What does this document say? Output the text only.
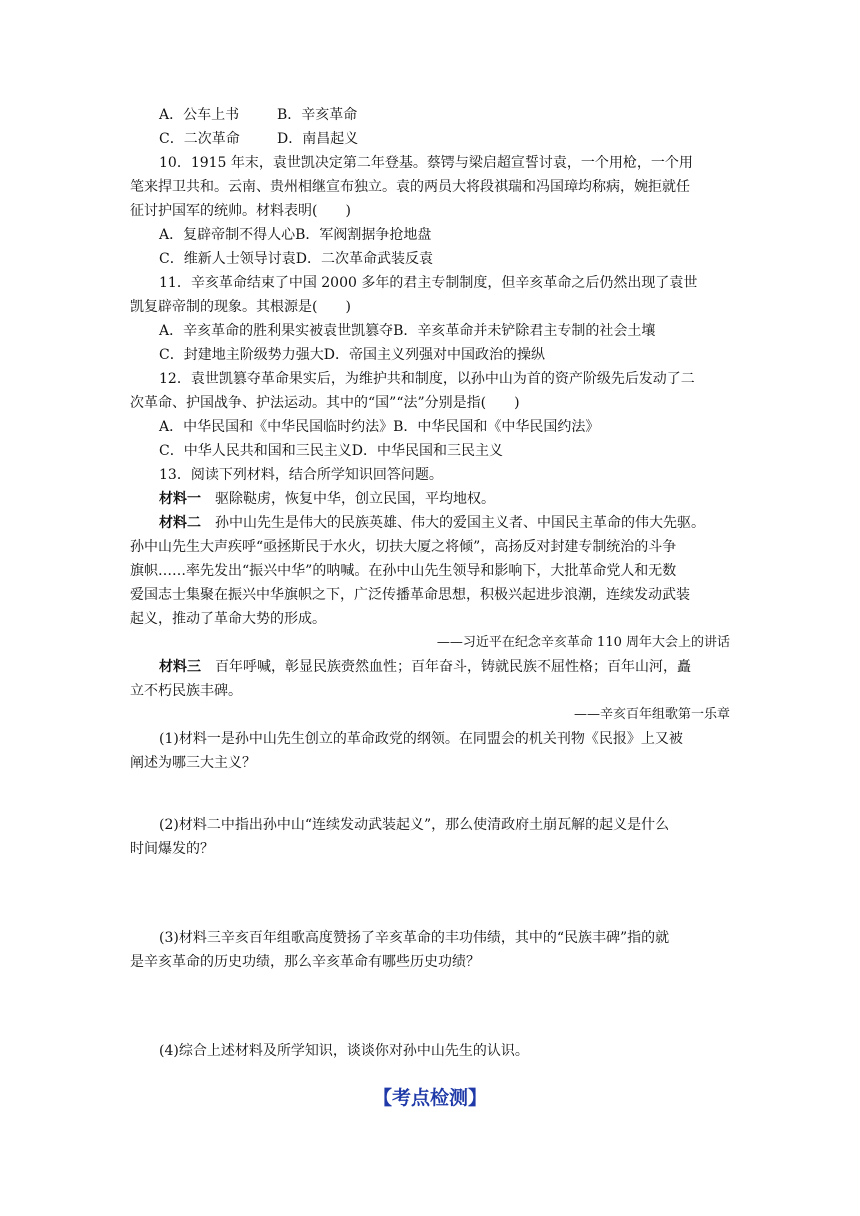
A．公车上书	B．辛亥革命
C．二次革命	D．南昌起义
10．1915 年末，袁世凯决定第二年登基。蔡锷与梁启超宣誓讨袁，一个用枪，一个用
笔来捍卫共和。云南、贵州相继宣布独立。袁的两员大将段祺瑞和冯国璋均称病，婉拒就任
征讨护国军的统帅。材料表明(　　)
A．复辟帝制不得人心B．军阀割据争抢地盘
C．维新人士领导讨袁D．二次革命武装反袁
11．辛亥革命结束了中国 2000 多年的君主专制制度，但辛亥革命之后仍然出现了袁世
凯复辟帝制的现象。其根源是(　　)
A．辛亥革命的胜利果实被袁世凯篡夺B．辛亥革命并未铲除君主专制的社会土壤
C．封建地主阶级势力强大D．帝国主义列强对中国政治的操纵
12．袁世凯篡夺革命果实后，为维护共和制度，以孙中山为首的资产阶级先后发动了二
次革命、护国战争、护法运动。其中的“国”“法”分别是指(　　)
A．中华民国和《中华民国临时约法》B．中华民国和《中华民国约法》
C．中华人民共和国和三民主义D．中华民国和三民主义
13．阅读下列材料，结合所学知识回答问题。
材料一　 驱除鞑虏，恢复中华，创立民国，平均地权。
材料二　 孙中山先生是伟大的民族英雄、伟大的爱国主义者、中国民主革命的伟大先驱。
孙中山先生大声疾呼“亟拯斯民于水火，切扶大厦之将倾”，高扬反对封建专制统治的斗争
旗帜……率先发出“振兴中华”的呐喊。在孙中山先生领导和影响下，大批革命党人和无数
爱国志士集聚在振兴中华旗帜之下，广泛传播革命思想，积极兴起进步浪潮，连续发动武装
起义，推动了革命大势的形成。
——习近平在纪念辛亥革命 110 周年大会上的讲话
材料三　 百年呼喊，彰显民族赍然血性；百年奋斗，铸就民族不屈性格；百年山河，矗
立不朽民族丰碑。
——辛亥百年组歌第一乐章
(1)材料一是孙中山先生创立的革命政党的纲领。在同盟会的机关刊物《民报》上又被
阐述为哪三大主义？
(2)材料二中指出孙中山“连续发动武装起义”，那么使清政府土崩瓦解的起义是什么
时间爆发的？
(3)材料三辛亥百年组歌高度赞扬了辛亥革命的丰功伟绩，其中的“民族丰碑”指的就
是辛亥革命的历史功绩，那么辛亥革命有哪些历史功绩？
(4)综合上述材料及所学知识，谈谈你对孙中山先生的认识。
【考点检测】
